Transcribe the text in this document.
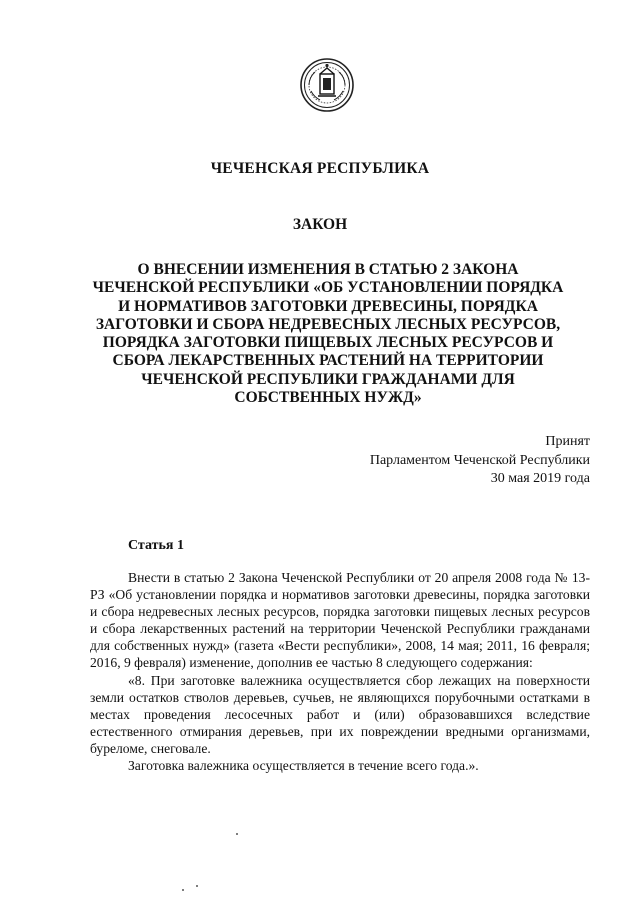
ЧЕЧЕНСКАЯ РЕСПУБЛИКА
ЗАКОН
О ВНЕСЕНИИ ИЗМЕНЕНИЯ В СТАТЬЮ 2 ЗАКОНА ЧЕЧЕНСКОЙ РЕСПУБЛИКИ «ОБ УСТАНОВЛЕНИИ ПОРЯДКА И НОРМАТИВОВ ЗАГОТОВКИ ДРЕВЕСИНЫ, ПОРЯДКА ЗАГОТОВКИ И СБОРА НЕДРЕВЕСНЫХ ЛЕСНЫХ РЕСУРСОВ, ПОРЯДКА ЗАГОТОВКИ ПИЩЕВЫХ ЛЕСНЫХ РЕСУРСОВ И СБОРА ЛЕКАРСТВЕННЫХ РАСТЕНИЙ НА ТЕРРИТОРИИ ЧЕЧЕНСКОЙ РЕСПУБЛИКИ ГРАЖДАНАМИ ДЛЯ СОБСТВЕННЫХ НУЖД»
Принят
Парламентом Чеченской Республики
30 мая 2019 года
Статья 1

Внести в статью 2 Закона Чеченской Республики от 20 апреля 2008 года № 13-РЗ «Об установлении порядка и нормативов заготовки древесины, порядка заготовки и сбора недревесных лесных ресурсов, порядка заготовки пищевых лесных ресурсов и сбора лекарственных растений на территории Чеченской Республики гражданами для собственных нужд» (газета «Вести республики», 2008, 14 мая; 2011, 16 февраля; 2016, 9 февраля) изменение, дополнив ее частью 8 следующего содержания:

«8. При заготовке валежника осуществляется сбор лежащих на поверхности земли остатков стволов деревьев, сучьев, не являющихся порубочными остатками в местах проведения лесосечных работ и (или) образовавшихся вследствие естественного отмирания деревьев, при их повреждении вредными организмами, буреломе, снеговале.

Заготовка валежника осуществляется в течение всего года.».
